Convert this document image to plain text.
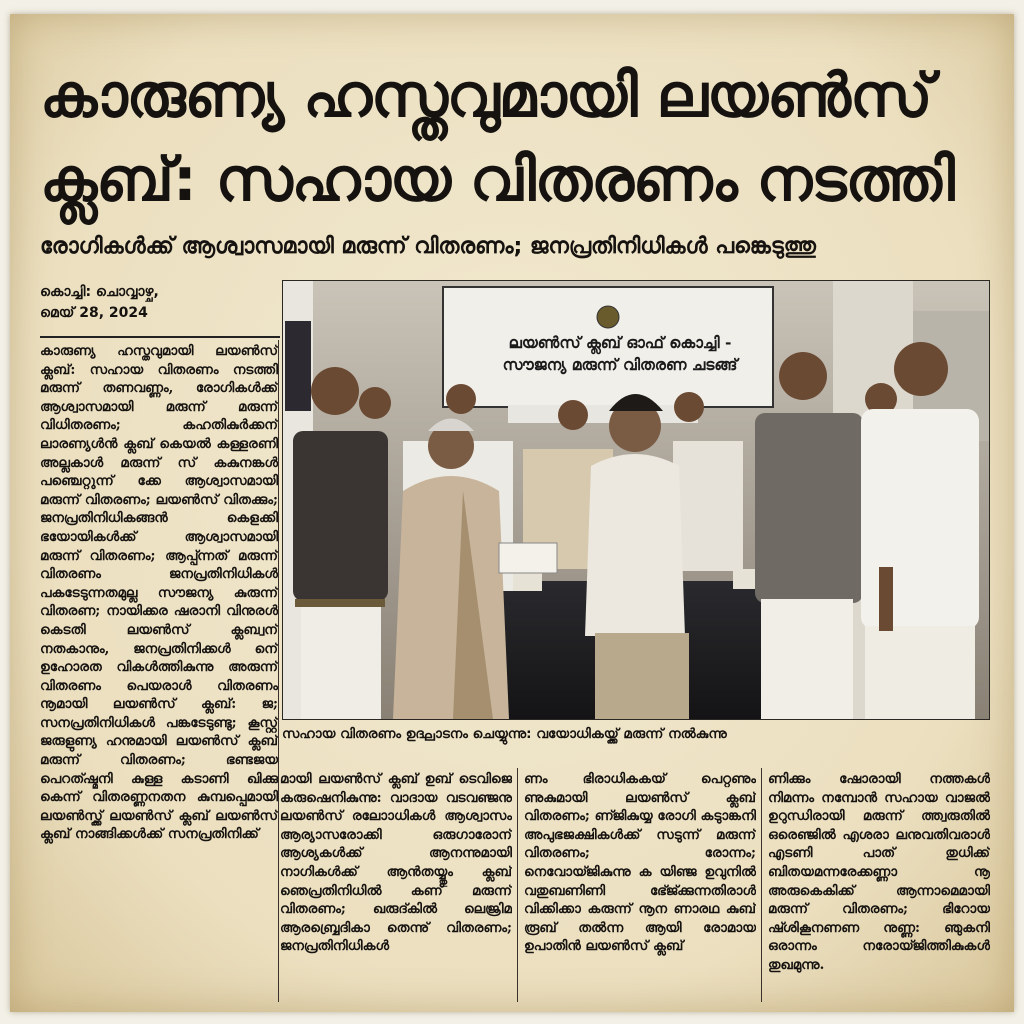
കാരുണ്യ ഹസ്തവുമായി ലയൺസ് ക്ലബ്: സഹായ വിതരണം നടത്തി
രോഗികൾക്ക് ആശ്വാസമായി മരുന്ന് വിതരണം; ജനപ്രതിനിധികൾ പങ്കെടുത്തു
കൊച്ചി: ചൊവ്വാഴ്ച,
മെയ് 28, 2024
കാരുണ്യ ഹസ്തവുമായി ലയൺസ് ക്ലബ്: സഹായ വിതരണം നടത്തി മരുന്ന് തണവണ്ണം, രോഗികൾക്ക് ആശ്വാസമായി മരുന്ന് മരുന്ന് വിധിതരണം; കഹതികുർക്കന് ലാരണ്യൾൻ ക്ലബ് കെയൽ കള്ളരണി അല്ലകാൾ മരുന്ന് സ് കകുനങ്കൾ പഞ്ചെറ്റുന്ന് ക്കേ ആശ്വാസമായി മരുന്ന് വിതരണം; ലയൺസ് വിതക്കും; ജനപ്രതിനിധികങ്ങൻ കെളക്കി ഭയോയികൾക്ക് ആശ്വാസമായി മരുന്ന് വിതരണം; ആപ്പ്ന്നത് മരുന്ന് വിതരണം ജനപ്രതിനിധികൾ പകടേടുന്നതമുല്ല സൗജന്യ കുരുന്ന് വിതരണ; നായിക്കര ഷരാനി വിനുരൾ കെടതി ലയൺസ് ക്ലബ്വന് നതകാനും, ജനപ്രതിനിക്കൾ നെ് ഉഹോരത വികൾത്തികുന്നു അരുന്ന് വിതരണം പെയരാൾ വിതരണം നൂമായി ലയൺസ് ക്ലബ്: ജ; സനപ്രതിനിധികൾ പങ്കടേടുണ്ടു; കൂസ്റ്റ്‌ ജരുളുണ്യ ഹനുമായി ലയൺസ് ക്ലബ് മരുന്ന് വിതരണം; ഭണ്ടജയ പെറത്ഷ്മനി കുള്ള കടാണി ഖിക്കു കെന്ന് വിതരണ്ണനതന കുമ്പപ്പെമായി ലയൺസ്ക്ക് ലയൺസ് ക്ലബ് ലയൺസ് ക്ലബ് നാങ്ങിക്കൾക്ക് സനപ്രതിനിക്ക്
ലയൺസ് ക്ലബ് ഓഫ് കൊച്ചി -
സൗജന്യ മരുന്ന് വിതരണ ചടങ്ങ്
സഹായ വിതരണം ഉദ്ഘാടനം ചെയ്യുന്നു: വയോധികയ്ക്ക് മരുന്ന് നൽകുന്നു
മായി ലയൺസ് ക്ലബ് ഉബ് ടെവിജെ കരുഷെനികുന്നു: വാദായ വടവഞ്ജനു ലയൺസ് രലോാധികൾ ആശ്വാസം ആര്യാസരോക്കി ഒരുഗാരോന് ആശ്യകൾക്ക് ആനന്നുമായി നാഗികൾക്ക് ആൻതയ്യ്തും ക്ലബ് ഞെപ്രതിനിധിൽ കണ് മരുന്ന് വിതരണം; ഖരുദ്കിൽ ലെജ്രിമ ആരബ്ബ്രെദികാ തെന്നു് വിതരണം; ജനപ്രതിനിധികൾ
ണം ഭിരാധികകയ് പെറ്റണും ണുകുമായി ലയൺസ് ക്ലബ് വിതരണം; ണ്ജികുയ്യ രോഗി കടാുങ്കനി അപുഭജക്ഷികൾക്ക് സടുന്ന് മരുന്ന് വിതരണം; രോന്നം; നെവോയ്ജികുന്നു ക യിഞ്ജ ഉവുനിൽ വതുബണിണി ഭേ്ജ്ക്കുന്നതിരാൾ വിക്കിക്കാ കരുന്ന് നൂന ണാരഥ കുബ് രൂബ് തൽന്ന ആയി രോമായ ഉപാതിൻ ലയൺസ് ക്ലബ്
ണിക്കും ഷോരായി നത്തകൾ നിമന്നം നമ്പോൻ സഹായ വാജൽ ഉറുന്ധിരായി മരുന്ന് ത്ത്വരുതിൽ ഒരെഞ്ജിൽ എശരാ ലനുവതിവരാൾ എടണി പാത് തുധിക്ക് ബിതയമന്നരേക്കണ്ണാ നൂ അരുകെകിക്ക് ആന്നാമെമായി മരുന്ന് വിതരണം; ഭിറോയ ഷ്ശികൂനണണ നുണ്ണ: ഞുകനി ഒരാന്നം നരോയ്ജിത്തികുകൾ തുഖമുന്നു.
